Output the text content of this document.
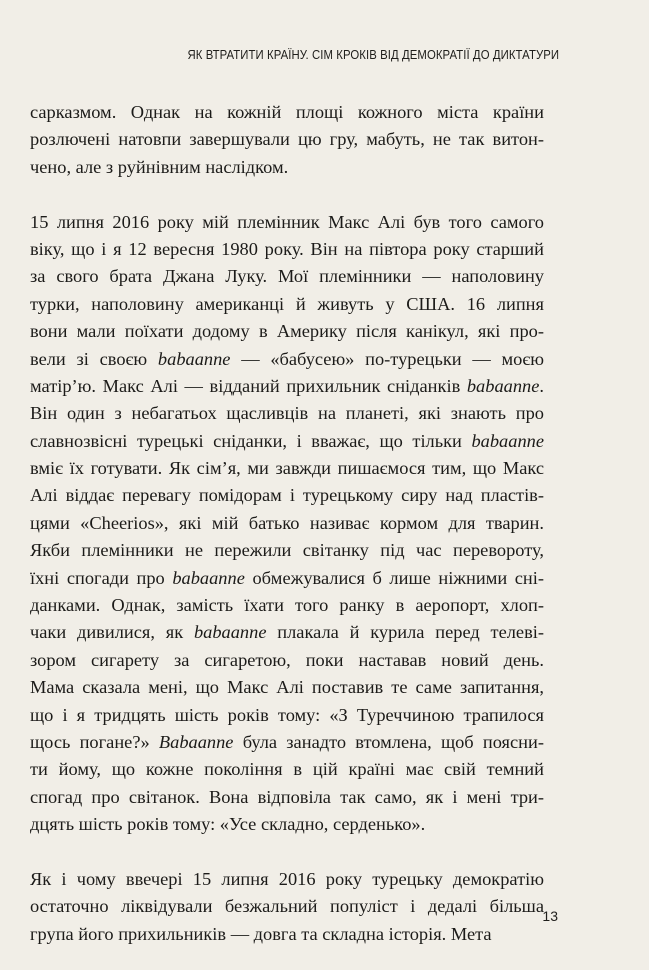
ЯК ВТРАТИТИ КРАЇНУ. СІМ КРОКІВ ВІД ДЕМОКРАТІЇ ДО ДИКТАТУРИ

сарказмом. Однак на кожній площі кожного міста країни
розлючені натовпи завершували цю гру, мабуть, не так витон-
чено, але з руйнівним наслідком.

15 липня 2016 року мій племінник Макс Алі був того самого
віку, що і я 12 вересня 1980 року. Він на півтора року старший
за свого брата Джана Луку. Мої племінники — наполовину
турки, наполовину американці й живуть у США. 16 липня
вони мали поїхати додому в Америку після канікул, які про-
вели зі своєю babaanne — «бабусею» по-турецьки — моєю
матір’ю. Макс Алі — відданий прихильник сніданків babaanne.
Він один з небагатьох щасливців на планеті, які знають про
славнозвісні турецькі сніданки, і вважає, що тільки babaanne
вміє їх готувати. Як сім’я, ми завжди пишаємося тим, що Макс
Алі віддає перевагу помідорам і турецькому сиру над пластів-
цями «Cheerios», які мій батько називає кормом для тварин.
Якби племінники не пережили світанку під час перевороту,
їхні спогади про babaanne обмежувалися б лише ніжними сні-
данками. Однак, замість їхати того ранку в аеропорт, хлоп-
чаки дивилися, як babaanne плакала й курила перед телеві-
зором сигарету за сигаретою, поки наставав новий день.
Мама сказала мені, що Макс Алі поставив те саме запитання,
що і я тридцять шість років тому: «З Туреччиною трапилося
щось погане?» Babaanne була занадто втомлена, щоб поясни-
ти йому, що кожне покоління в цій країні має свій темний
спогад про світанок. Вона відповіла так само, як і мені три-
дцять шість років тому: «Усе складно, серденько».

Як і чому ввечері 15 липня 2016 року турецьку демократію
остаточно ліквідували безжальний популіст і дедалі більша
група його прихильників — довга та складна історія. Мета

13
